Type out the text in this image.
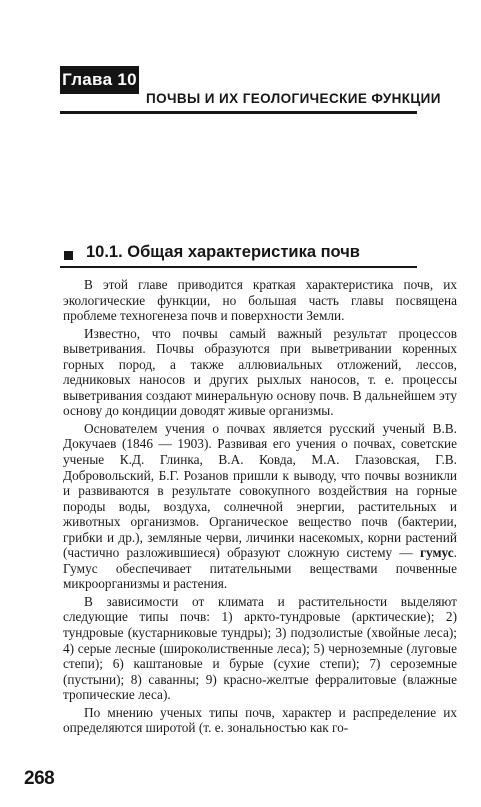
Глава 10
ПОЧВЫ И ИХ ГЕОЛОГИЧЕСКИЕ ФУНКЦИИ
10.1. Общая характеристика почв

В этой главе приводится краткая характеристика почв, их экологические функции, но большая часть главы посвящена проблеме техногенеза почв и поверхности Земли.

Известно, что почвы самый важный результат процессов выветривания. Почвы образуются при выветривании коренных горных пород, а также аллювиальных отложений, лессов, ледниковых наносов и других рыхлых наносов, т. е. процессы выветривания создают минеральную основу почв. В дальнейшем эту основу до кондиции доводят живые организмы.

Основателем учения о почвах является русский ученый В.В. Докучаев (1846 — 1903). Развивая его учения о почвах, советские ученые К.Д. Глинка, В.А. Ковда, М.А. Глазовская, Г.В. Добровольский, Б.Г. Розанов пришли к выводу, что почвы возникли и развиваются в результате совокупного воздействия на горные породы воды, воздуха, солнечной энергии, растительных и животных организмов. Органическое вещество почв (бактерии, грибки и др.), земляные черви, личинки насекомых, корни растений (частично разложившиеся) образуют сложную систему — гумус. Гумус обеспечивает питательными веществами почвенные микроорганизмы и растения.

В зависимости от климата и растительности выделяют следующие типы почв: 1) аркто-тундровые (арктические); 2) тундровые (кустарниковые тундры); 3) подзолистые (хвойные леса); 4) серые лесные (широколиственные леса); 5) черноземные (луговые степи); 6) каштановые и бурые (сухие степи); 7) сероземные (пустыни); 8) саванны; 9) красно-желтые ферралитовые (влажные тропические леса).

По мнению ученых типы почв, характер и распределение их определяются широтой (т. е. зональностью как го-

268
